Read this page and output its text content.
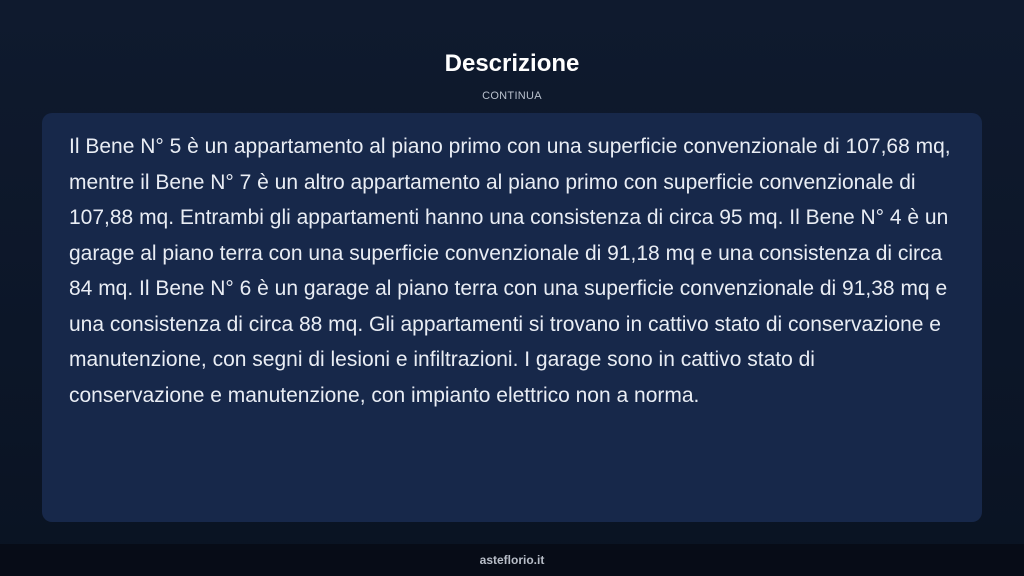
Descrizione
CONTINUA

Il Bene N° 5 è un appartamento al piano primo con una superficie convenzionale di 107,68 mq, mentre il Bene N° 7 è un altro appartamento al piano primo con superficie convenzionale di 107,88 mq. Entrambi gli appartamenti hanno una consistenza di circa 95 mq. Il Bene N° 4 è un garage al piano terra con una superficie convenzionale di 91,18 mq e una consistenza di circa 84 mq. Il Bene N° 6 è un garage al piano terra con una superficie convenzionale di 91,38 mq e una consistenza di circa 88 mq. Gli appartamenti si trovano in cattivo stato di conservazione e manutenzione, con segni di lesioni e infiltrazioni. I garage sono in cattivo stato di conservazione e manutenzione, con impianto elettrico non a norma.

asteflorio.it
